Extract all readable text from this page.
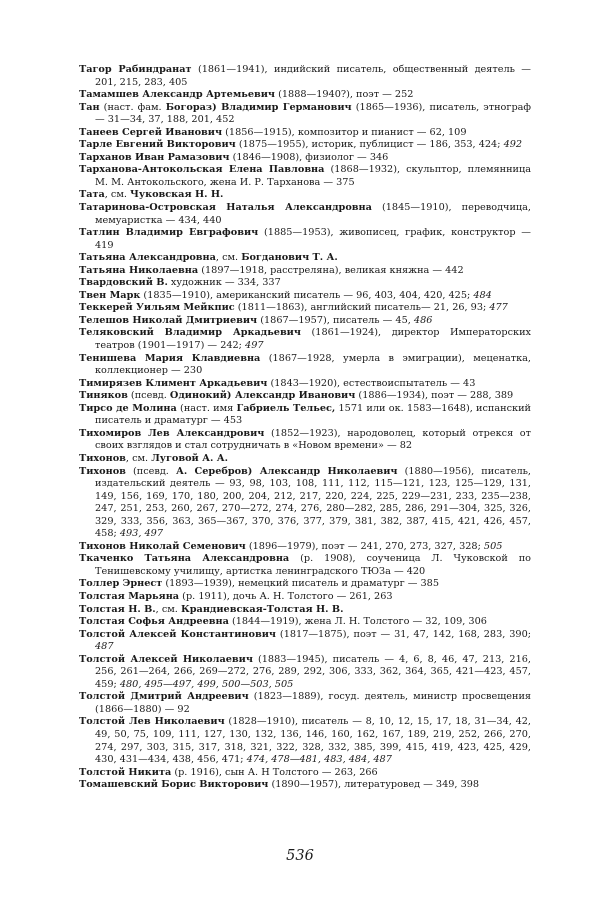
Тагор Рабиндранат (1861—1941), индийский писатель, общественный деятель — 201, 215, 283, 405

Тамамшев Александр Артемьевич (1888—1940?), поэт — 252

Тан (наст. фам. Богораз) Владимир Германович (1865—1936), писатель, этнограф — 31—34, 37, 188, 201, 452

Танеев Сергей Иванович (1856—1915), композитор и пианист — 62, 109

Тарле Евгений Викторович (1875—1955), историк, публицист — 186, 353, 424; 492

Тарханов Иван Рамазович (1846—1908), физиолог — 346

Тарханова-Антокольская Елена Павловна (1868—1932), скульптор, племянница М. М. Антокольского, жена И. Р. Тарханова — 375

Тата, см. Чуковская Н. Н.

Татаринова-Островская Наталья Александровна (1845—1910), переводчица, мемуаристка — 434, 440

Татлин Владимир Евграфович (1885—1953), живописец, график, конструктор — 419

Татьяна Александровна, см. Богданович Т. А.

Татьяна Николаевна (1897—1918, расстреляна), великая княжна — 442

Твардовский В. художник — 334, 337

Твен Марк (1835—1910), американский писатель — 96, 403, 404, 420, 425; 484

Теккерей Уильям Мейкпис (1811—1863), английский писатель— 21, 26, 93; 477

Телешов Николай Дмитриевич (1867—1957), писатель — 45, 486

Теляковский Владимир Аркадьевич (1861—1924), директор Императорских театров (1901—1917) — 242; 497

Тенишева Мария Клавдиевна (1867—1928, умерла в эмиграции), меценатка, коллекционер — 230

Тимирязев Климент Аркадьевич (1843—1920), естествоиспытатель — 43

Тиняков (псевд. Одинокий) Александр Иванович (1886—1934), поэт — 288, 389

Тирсо де Молина (наст. имя Габриель Тельес, 1571 или ок. 1583—1648), испанский писатель и драматург — 453

Тихомиров Лев Александрович (1852—1923), народоволец, который отрекся от своих взглядов и стал сотрудничать в «Новом времени» — 82

Тихонов, см. Луговой А. А.

Тихонов (псевд. А. Серебров) Александр Николаевич (1880—1956), писатель, издательский деятель — 93, 98, 103, 108, 111, 112, 115—121, 123, 125—129, 131, 149, 156, 169, 170, 180, 200, 204, 212, 217, 220, 224, 225, 229—231, 233, 235—238, 247, 251, 253, 260, 267, 270—272, 274, 276, 280—282, 285, 286, 291—304, 325, 326, 329, 333, 356, 363, 365—367, 370, 376, 377, 379, 381, 382, 387, 415, 421, 426, 457, 458; 493, 497

Тихонов Николай Семенович (1896—1979), поэт — 241, 270, 273, 327, 328; 505

Ткаченко Татьяна Александровна (р. 1908), соученица Л. Чуковской по Тенишевскому училищу, артистка ленинградского ТЮЗа — 420

Толлер Эрнест (1893—1939), немецкий писатель и драматург — 385

Толстая Марьяна (р. 1911), дочь А. Н. Толстого — 261, 263

Толстая Н. В., см. Крандиевская-Толстая Н. В.

Толстая Софья Андреевна (1844—1919), жена Л. Н. Толстого — 32, 109, 306

Толстой Алексей Константинович (1817—1875), поэт — 31, 47, 142, 168, 283, 390; 487

Толстой Алексей Николаевич (1883—1945), писатель — 4, 6, 8, 46, 47, 213, 216, 256, 261—264, 266, 269—272, 276, 289, 292, 306, 333, 362, 364, 365, 421—423, 457, 459; 480, 495—497, 499, 500—503, 505

Толстой Дмитрий Андреевич (1823—1889), госуд. деятель, министр просвещения (1866—1880) — 92

Толстой Лев Николаевич (1828—1910), писатель — 8, 10, 12, 15, 17, 18, 31—34, 42, 49, 50, 75, 109, 111, 127, 130, 132, 136, 146, 160, 162, 167, 189, 219, 252, 266, 270, 274, 297, 303, 315, 317, 318, 321, 322, 328, 332, 385, 399, 415, 419, 423, 425, 429, 430, 431—434, 438, 456, 471; 474, 478—481, 483, 484, 487

Толстой Никита (р. 1916), сын А. Н Толстого — 263, 266

Томашевский Борис Викторович (1890—1957), литературовед — 349, 398

536
